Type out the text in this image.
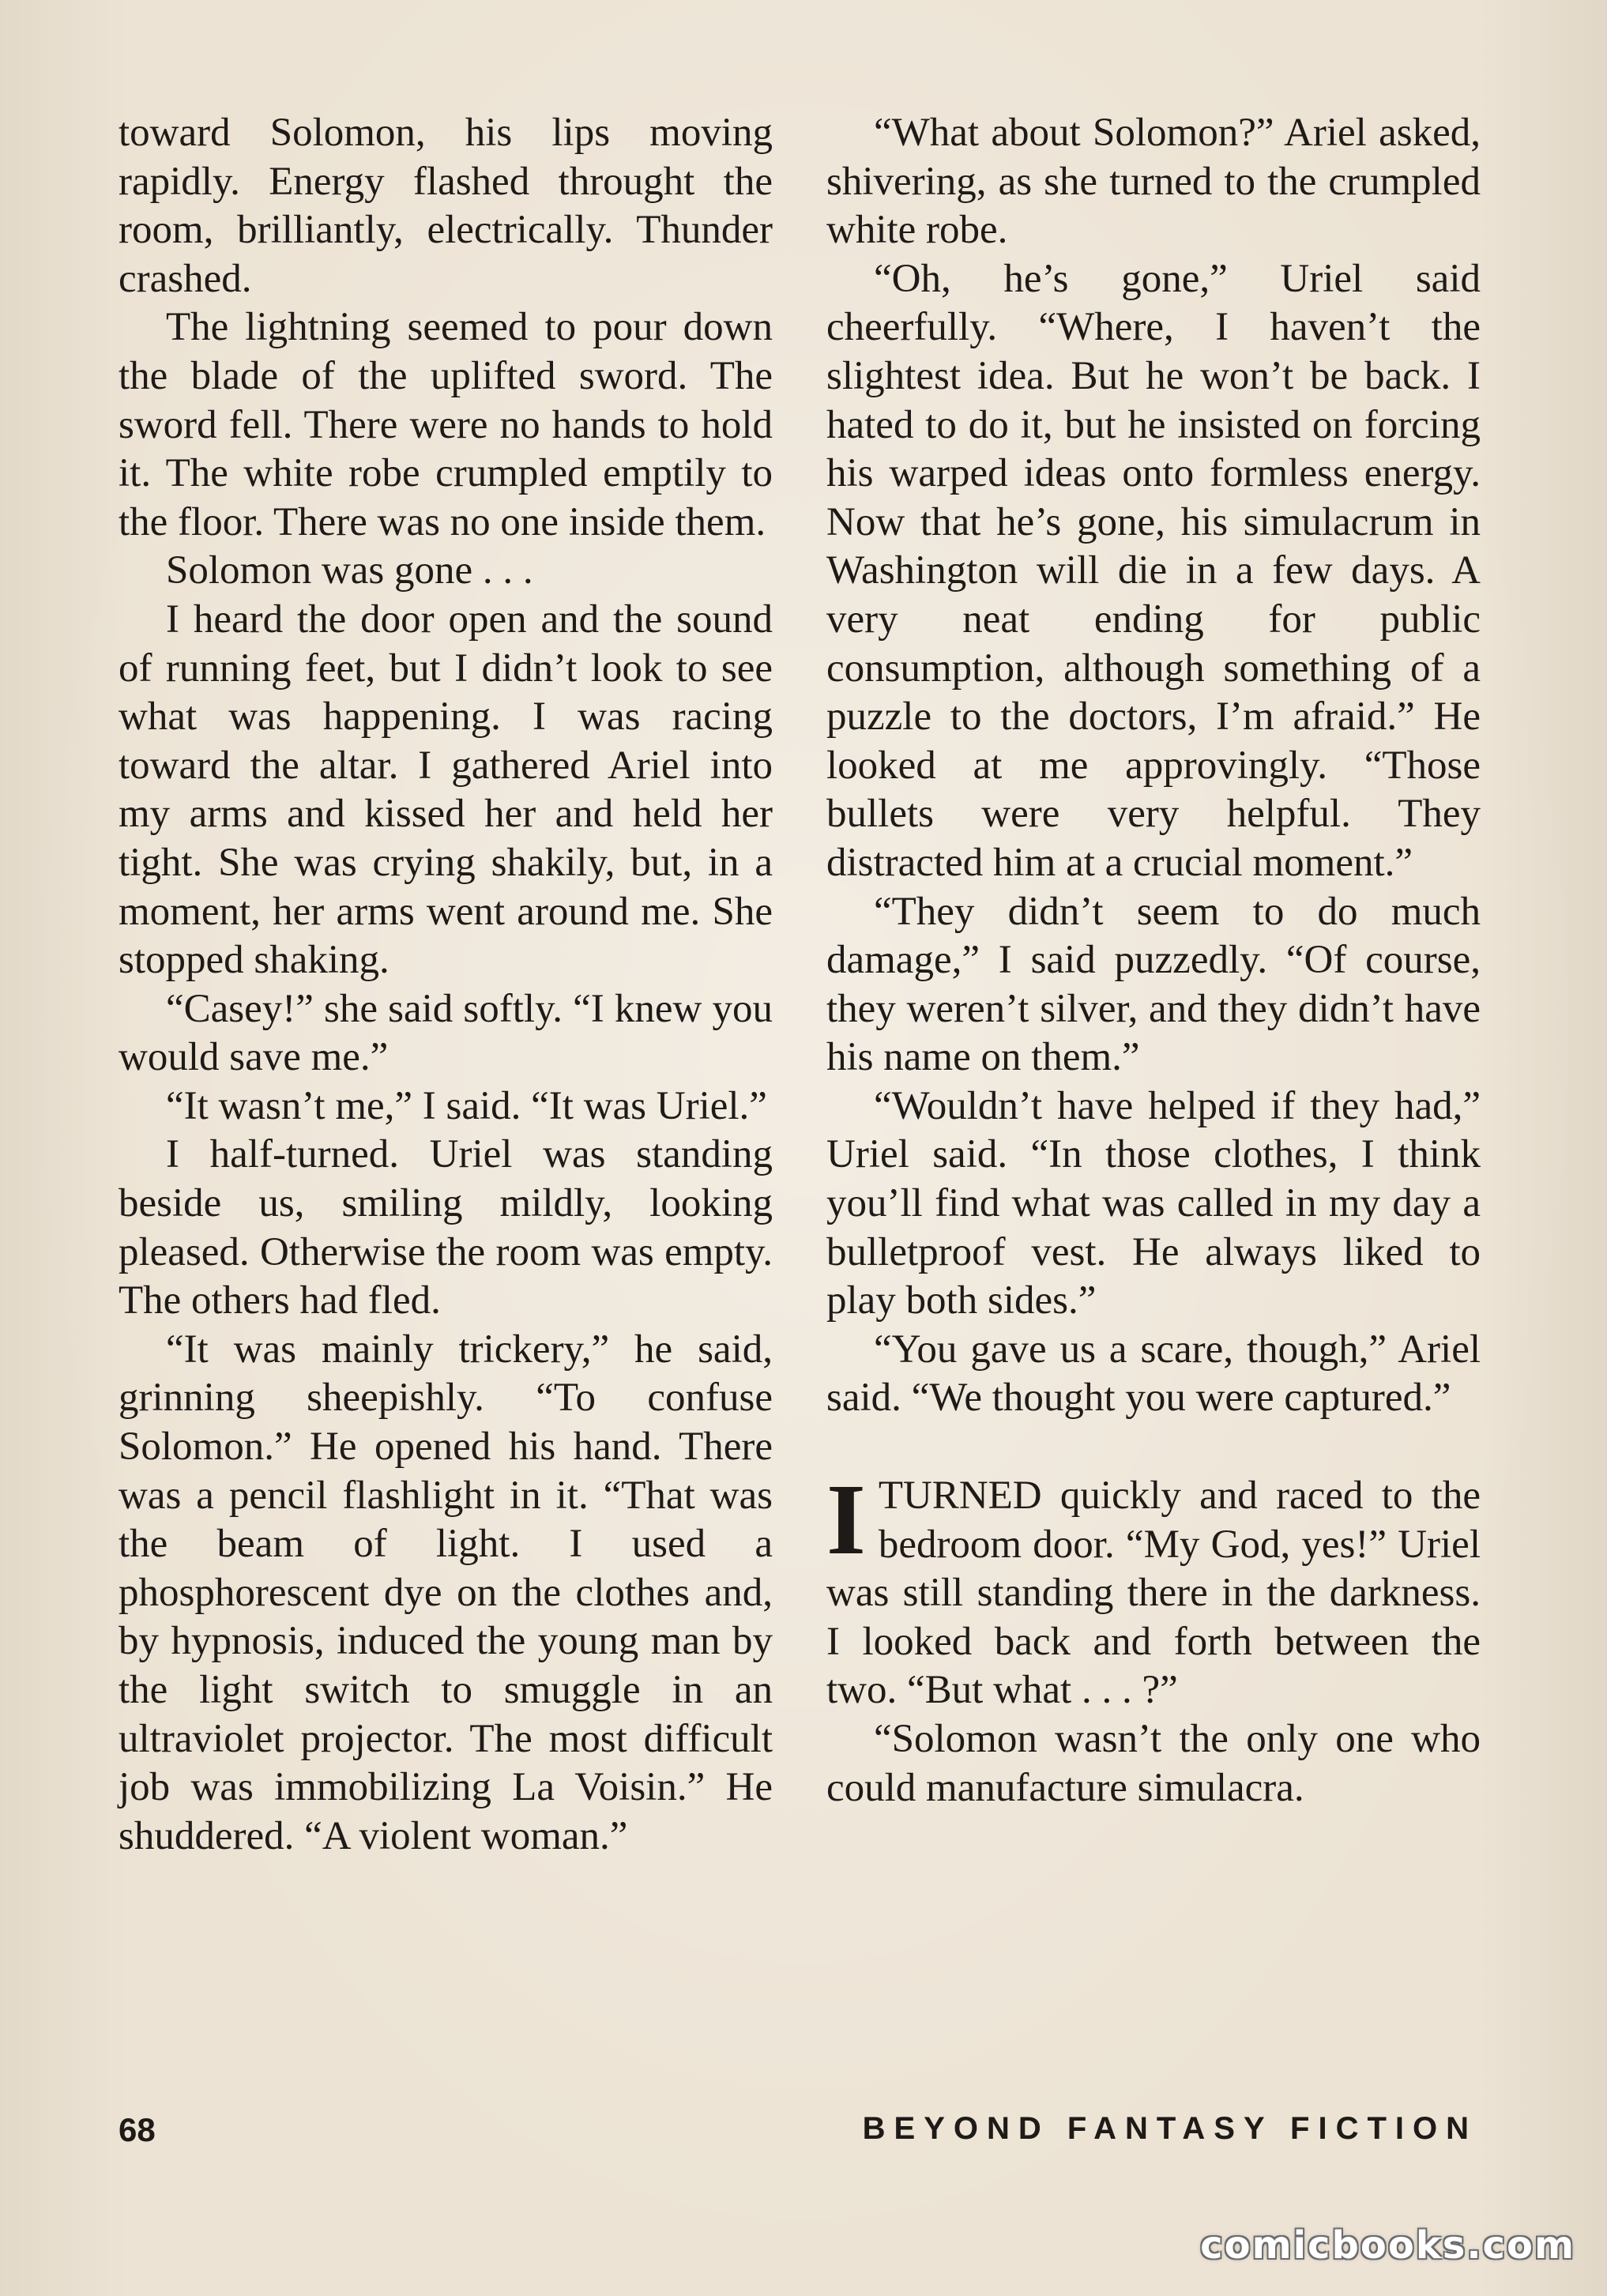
toward Solomon, his lips moving rapidly. Energy flashed throught the room, brilliantly, electrically. Thunder crashed.

The lightning seemed to pour down the blade of the uplifted sword. The sword fell. There were no hands to hold it. The white robe crumpled emptily to the floor. There was no one inside them.

Solomon was gone . . .

I heard the door open and the sound of running feet, but I didn’t look to see what was happening. I was racing toward the altar. I gathered Ariel into my arms and kissed her and held her tight. She was crying shakily, but, in a moment, her arms went around me. She stopped shaking.

“Casey!” she said softly. “I knew you would save me.”

“It wasn’t me,” I said. “It was Uriel.”

I half-turned. Uriel was standing beside us, smiling mildly, looking pleased. Otherwise the room was empty. The others had fled.

“It was mainly trickery,” he said, grinning sheepishly. “To confuse Solomon.” He opened his hand. There was a pencil flashlight in it. “That was the beam of light. I used a phosphorescent dye on the clothes and, by hypnosis, induced the young man by the light switch to smuggle in an ultraviolet projector. The most difficult job was immobilizing La Voisin.” He shuddered. “A violent woman.”

“What about Solomon?” Ariel asked, shivering, as she turned to the crumpled white robe.

“Oh, he’s gone,” Uriel said cheerfully. “Where, I haven’t the slightest idea. But he won’t be back. I hated to do it, but he insisted on forcing his warped ideas onto formless energy. Now that he’s gone, his simulacrum in Washington will die in a few days. A very neat ending for public consumption, although something of a puzzle to the doctors, I’m afraid.” He looked at me approvingly. “Those bullets were very helpful. They distracted him at a crucial moment.”

“They didn’t seem to do much damage,” I said puzzedly. “Of course, they weren’t silver, and they didn’t have his name on them.”

“Wouldn’t have helped if they had,” Uriel said. “In those clothes, I think you’ll find what was called in my day a bulletproof vest. He always liked to play both sides.”

“You gave us a scare, though,” Ariel said. “We thought you were captured.”

ITURNED quickly and raced to the bedroom door. “My God, yes!” Uriel was still standing there in the darkness. I looked back and forth between the two. “But what . . . ?”

“Solomon wasn’t the only one who could manufacture simulacra.

68	BEYOND FANTASY FICTION
comicbooks.com
